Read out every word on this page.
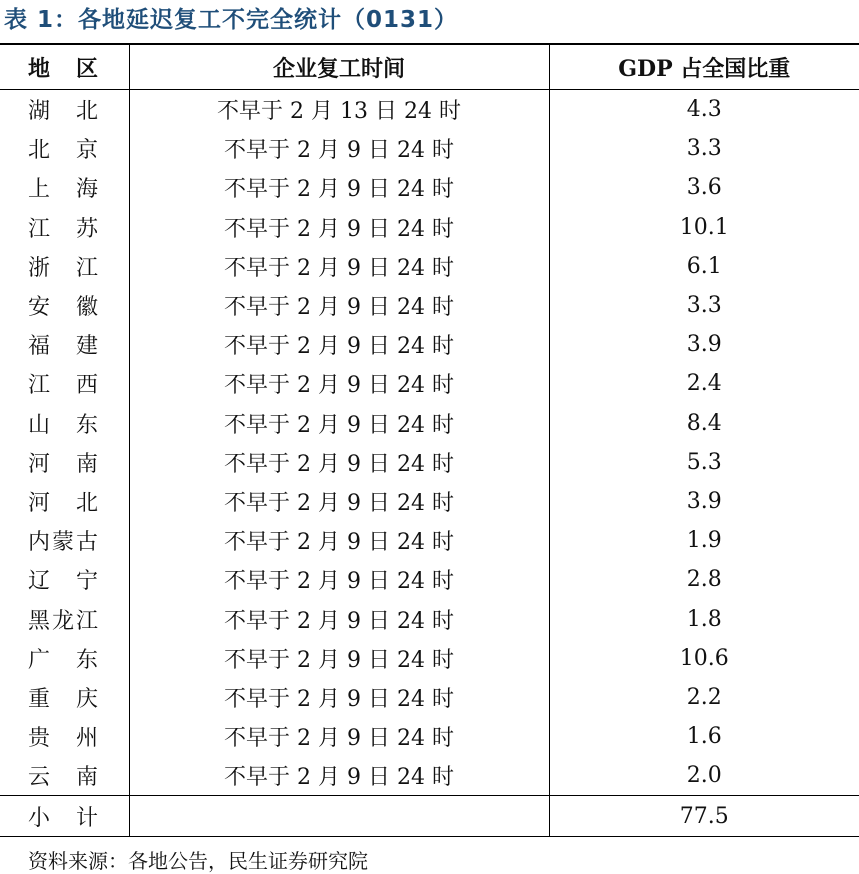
表 1：各地延迟复工不完全统计（0131）
地　区	企业复工时间	GDP 占全国比重
湖　北	不早于 2 月 13 日 24 时	4.3
北　京	不早于 2 月 9 日 24 时	3.3
上　海	不早于 2 月 9 日 24 时	3.6
江　苏	不早于 2 月 9 日 24 时	10.1
浙　江	不早于 2 月 9 日 24 时	6.1
安　徽	不早于 2 月 9 日 24 时	3.3
福　建	不早于 2 月 9 日 24 时	3.9
江　西	不早于 2 月 9 日 24 时	2.4
山　东	不早于 2 月 9 日 24 时	8.4
河　南	不早于 2 月 9 日 24 时	5.3
河　北	不早于 2 月 9 日 24 时	3.9
内蒙古	不早于 2 月 9 日 24 时	1.9
辽　宁	不早于 2 月 9 日 24 时	2.8
黑龙江	不早于 2 月 9 日 24 时	1.8
广　东	不早于 2 月 9 日 24 时	10.6
重　庆	不早于 2 月 9 日 24 时	2.2
贵　州	不早于 2 月 9 日 24 时	1.6
云　南	不早于 2 月 9 日 24 时	2.0
小　计		77.5
资料来源：各地公告，民生证券研究院
